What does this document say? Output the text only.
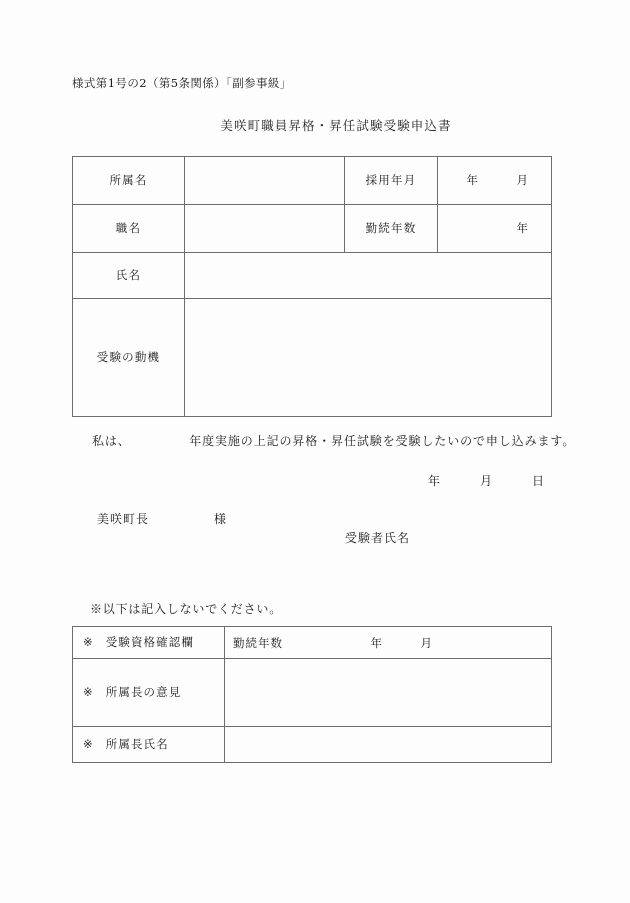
様式第1号の2（第5条関係）「副参事級」
美咲町職員昇格・昇任試験受験申込書
所属名		採用年月	年　　　月
職名		勤続年数	年
氏名			
受験の動機			
私は、　　　　　年度実施の上記の昇格・昇任試験を受験したいので申し込みます。
年　　　月　　　日
美咲町長　　　　　様
受験者氏名
※以下は記入しないでください。
※ 受験資格確認欄	勤続年数　　　　　　　年　　　月
※ 所属長の意見	
※ 所属長氏名	
